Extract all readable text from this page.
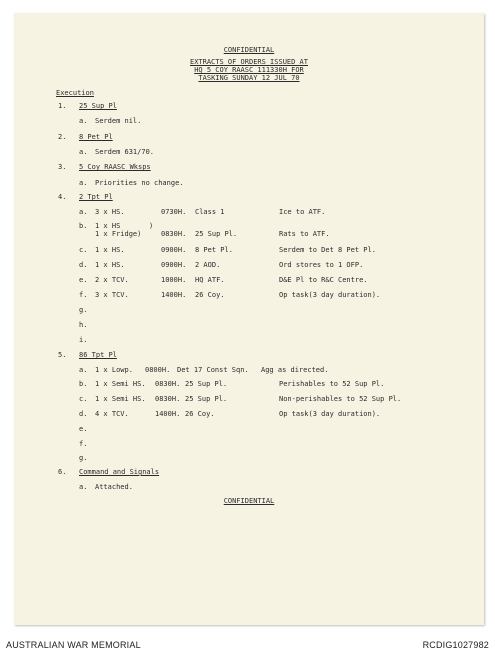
CONFIDENTIAL
EXTRACTS OF ORDERS ISSUED AT
HQ 5 COY RAASC 111330H FOR
TASKING SUNDAY 12 JUL 70
Execution
1. 25 Sup Pl
a. Serdem nil.
2. 8 Pet Pl
a. Serdem 631/70.
3. 5 Coy RAASC Wksps
a. Priorities no change.
4. 2 Tpt Pl
a. 3 x HS.	0730H. Class 1	Ice to ATF.
b. 1 x HS	)
1 x Fridge)	0830H. 25 Sup Pl.	Rats to ATF.
c. 1 x HS.	0900H. 8 Pet Pl.	Serdem to Det 8 Pet Pl.
d. 1 x HS.	0900H. 2 AOD.	Ord stores to 1 OFP.
e. 2 x TCV.	1000H. HQ ATF.	D&E Pl to R&C Centre.
f. 3 x TCV.	1400H. 26 Coy.	Op task(3 day duration).
g.
h.
i.
5. 86 Tpt Pl
a. 1 x Lowp. 0800H. Det 17 Const Sqn. Agg as directed.
b. 1 x Semi HS. 0830H. 25 Sup Pl.	Perishables to 52 Sup Pl.
c. 1 x Semi HS. 0830H. 25 Sup Pl.	Non-perishables to 52 Sup Pl.
d. 4 x TCV.	1400H. 26 Coy.	Op task(3 day duration).
e.
f.
g.
6. Command and Signals
a. Attached.
CONFIDENTIAL
AUSTRALIAN WAR MEMORIAL	RCDIG1027982
